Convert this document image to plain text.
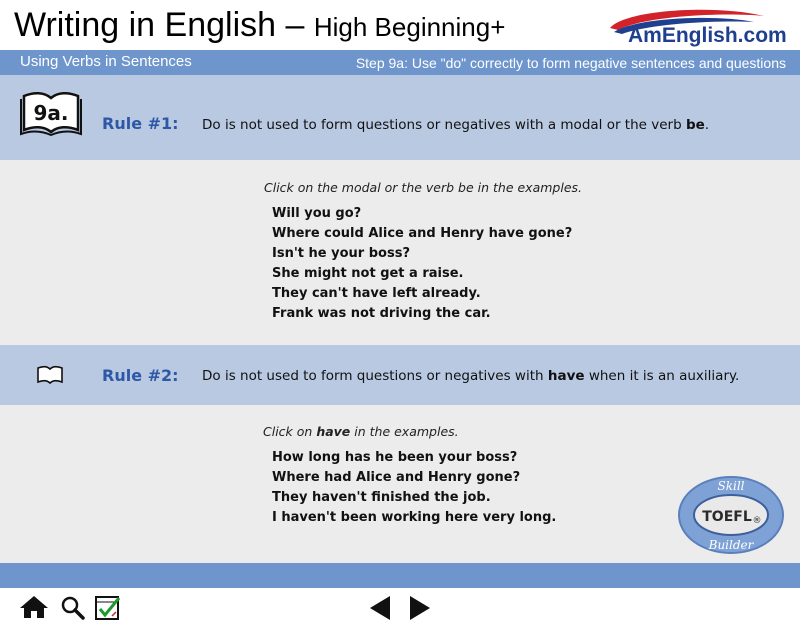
Writing in English – High Beginning+	AmEnglish.com
Using Verbs in Sentences	Step 9a: Use "do" correctly to form negative sentences and questions
9a. Rule #1: Do is not used to form questions or negatives with a modal or the verb be.
Click on the modal or the verb be in the examples.
Will you go?
Where could Alice and Henry have gone?
Isn't he your boss?
She might not get a raise.
They can't have left already.
Frank was not driving the car.
Rule #2: Do is not used to form questions or negatives with have when it is an auxiliary.
Click on have in the examples.
How long has he been your boss?
Where had Alice and Henry gone?
They haven't finished the job.
I haven't been working here very long.
Skill
TOEFL ®
Builder
